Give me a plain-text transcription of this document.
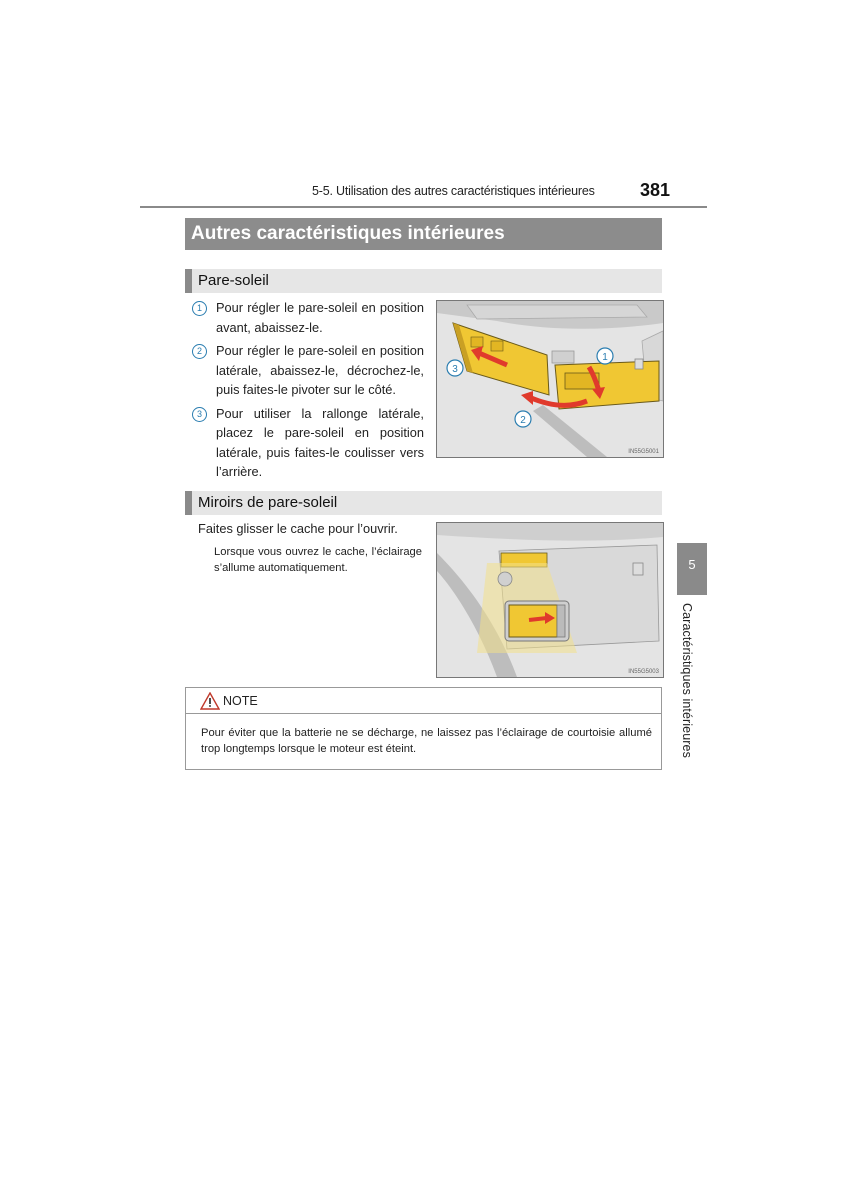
5-5. Utilisation des autres caractéristiques intérieures	381
Autres caractéristiques intérieures
Pare-soleil
1	Pour régler le pare-soleil en position avant, abaissez-le.
2	Pour régler le pare-soleil en position latérale, abaissez-le, décrochez-le, puis faites-le pivoter sur le côté.
3	Pour utiliser la rallonge latérale, placez le pare-soleil en position latérale, puis faites-le coulisser vers l’arrière.
1
2
3
IN55G5001
Miroirs de pare-soleil
Faites glisser le cache pour l’ouvrir.
Lorsque vous ouvrez le cache, l’éclairage s’allume automatiquement.
IN55G5003
NOTE
Pour éviter que la batterie ne se décharge, ne laissez pas l’éclairage de courtoisie allumé trop longtemps lorsque le moteur est éteint.
5
Caractéristiques intérieures
